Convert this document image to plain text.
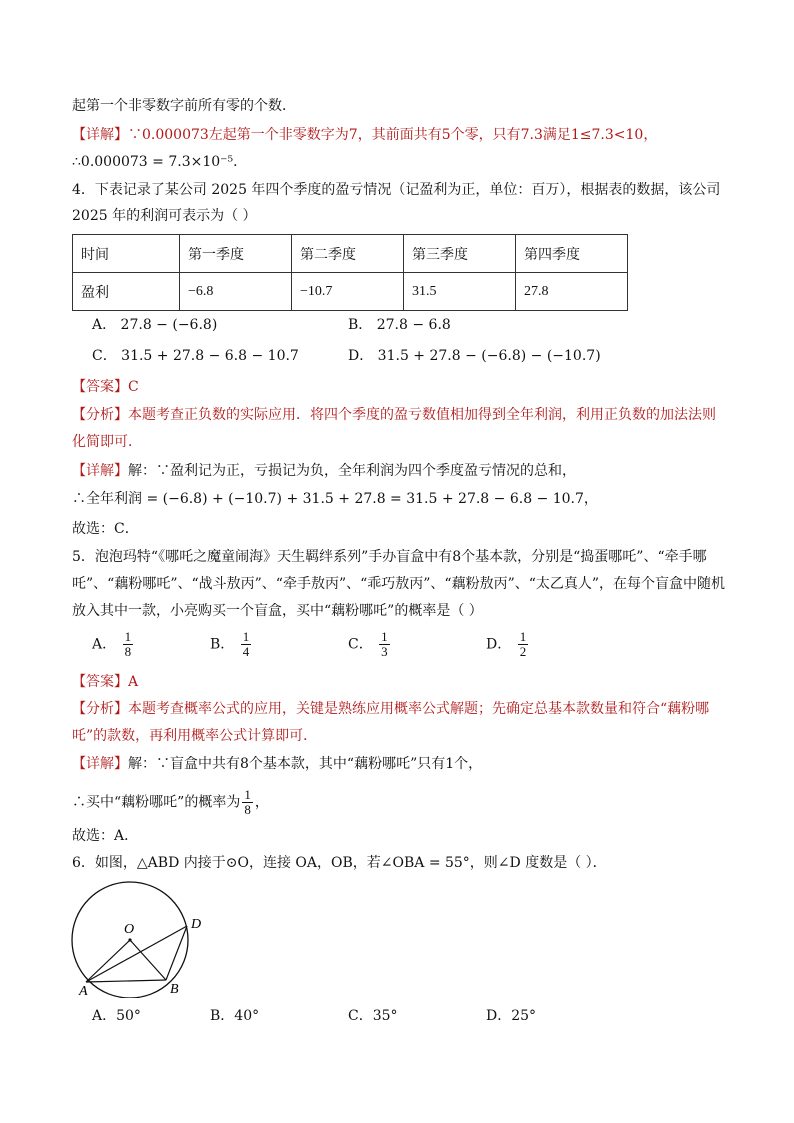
起第一个非零数字前所有零的个数．
【详解】∵0.000073左起第一个非零数字为7，其前面共有5个零，只有7.3满足1≤7.3<10，
∴0.000073 = 7.3×10⁻⁵．
4．下表记录了某公司 2025 年四个季度的盈亏情况（记盈利为正，单位：百万），根据表的数据，该公司
2025 年的利润可表示为（ ）
时间	第一季度	第二季度	第三季度	第四季度
盈利	−6.8	−10.7	31.5	27.8
A． 27.8 − (−6.8)	B． 27.8 − 6.8
C． 31.5 + 27.8 − 6.8 − 10.7	D． 31.5 + 27.8 − (−6.8) − (−10.7)
【答案】C
【分析】本题考查正负数的实际应用．将四个季度的盈亏数值相加得到全年利润，利用正负数的加法法则
化简即可．
【详解】解：∵盈利记为正，亏损记为负，全年利润为四个季度盈亏情况的总和，
∴全年利润 = (−6.8) + (−10.7) + 31.5 + 27.8 = 31.5 + 27.8 − 6.8 − 10.7，
故选：C．
5．泡泡玛特“《哪吒之魔童闹海》天生羁绊系列”手办盲盒中有8个基本款，分别是“捣蛋哪吒”、“牵手哪
吒”、“藕粉哪吒”、“战斗敖丙”、“牵手敖丙”、“乖巧敖丙”、“藕粉敖丙”、“太乙真人”，在每个盲盒中随机
放入其中一款，小亮购买一个盲盒，买中“藕粉哪吒”的概率是（ ）
A． $\frac{1}{8}$	B． $\frac{1}{4}$	C． $\frac{1}{3}$	D． $\frac{1}{2}$
【答案】A
【分析】本题考查概率公式的应用，关键是熟练应用概率公式解题；先确定总基本款数量和符合“藕粉哪
吒”的款数，再利用概率公式计算即可．
【详解】解：∵盲盒中共有8个基本款，其中“藕粉哪吒”只有1个，
∴买中“藕粉哪吒”的概率为 $\frac{1}{8}$ ，
故选：A．
6．如图，△ABD 内接于⊙O，连接 OA，OB，若∠OBA = 55°，则∠D 度数是（ ）．
O
A	B
D
A．50°	B．40°	C．35°	D．25°
